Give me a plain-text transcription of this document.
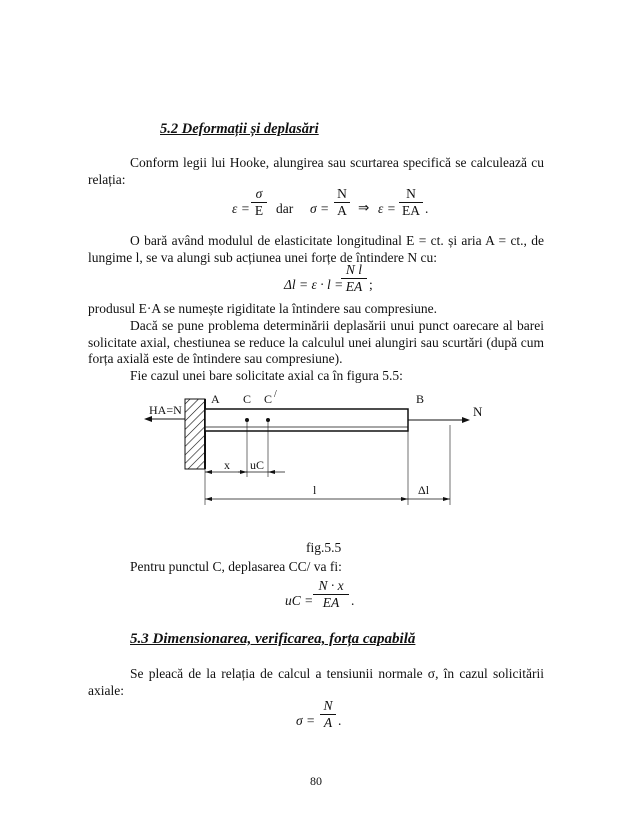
5.2 Deformații și deplasări
Conform legii lui Hooke, alungirea sau scurtarea specifică se calculează cu relația:
ε =
σ
E dar σ =
N
A ⇒ ε =
N
EA .
O bară având modulul de elasticitate longitudinal E = ct. și aria A = ct., de lungime l, se va alungi sub acțiunea unei forțe de întindere N cu:
Δl = ε · l =
N l
EA ;
produsul E·A se numește rigiditate la întindere sau compresiune.
Dacă se pune problema determinării deplasării unui punct oarecare al barei solicitate axial, chestiunea se reduce la calculul unei alungiri sau scurtări (după cum forța axială este de întindere sau compresiune).
Fie cazul unei bare solicitate axial ca în figura 5.5:
HA=N	N
A C C /	B
x uC
l	Δl
fig.5.5
Pentru punctul C, deplasarea CC/ va fi:
uC =
N · x
EA .
5.3 Dimensionarea, verificarea, forța capabilă
Se pleacă de la relația de calcul a tensiunii normale σ, în cazul solicitării axiale:
σ =
N
A .
80
